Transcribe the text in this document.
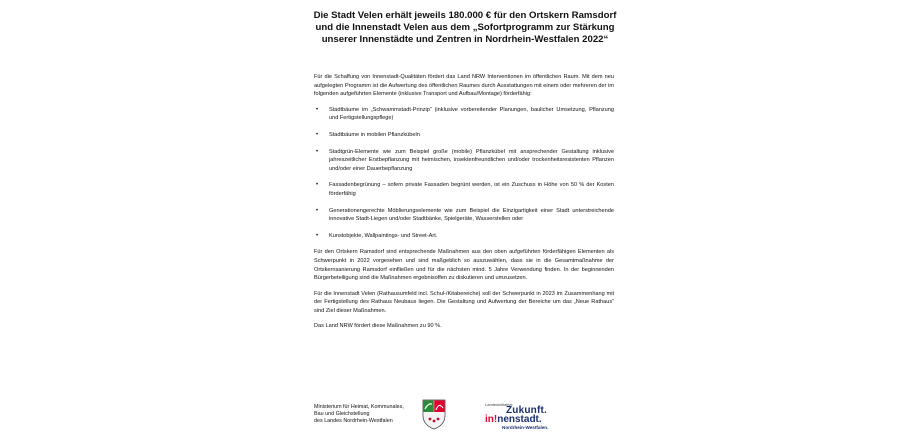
Die Stadt Velen erhält jeweils 180.000 € für den Ortskern Ramsdorf
und die Innenstadt Velen aus dem „Sofortprogramm zur Stärkung
unserer Innenstädte und Zentren in Nordrhein-Westfalen 2022“

Für die Schaffung von Innenstadt-Qualitäten fördert das Land NRW Interventionen im öffentlichen Raum. Mit dem neu aufgelegten Programm ist die Aufwertung des öffentlichen Raumes durch Ausstattungen mit einem oder mehreren der im folgenden aufgeführten Elemente (inklusive Transport und Aufbau/Montage) förderfähig:

• Stadtbäume im „Schwammstadt-Prinzip“ (inklusive vorbereitender Planungen, baulicher Umsetzung, Pflanzung und Fertigstellungspflege)
• Stadtbäume in mobilen Pflanzkübeln
• Stadtgrün-Elemente wie zum Beispiel große (mobile) Pflanzkübel mit ansprechender Gestaltung inklusive jahreszeitlicher Erstbepflanzung mit heimischen, insektenfreundlichen und/oder trockenheitsresistenten Pflanzen und/oder einer Dauerbepflanzung
• Fassadenbegrünung – sofern private Fassaden begrünt werden, ist ein Zuschuss in Höhe von 50 % der Kosten förderfähig
• Generationengerechte Möblierungselemente wie zum Beispiel die Einzigartigkeit einer Stadt unterstreichende innovative Stadt-Liegen und/oder Stadtbänke, Spielgeräte, Wasserstellen oder
• Kunstobjekte, Wallpaintings- und Street-Art.

Für den Ortskern Ramsdorf sind entsprechende Maßnahmen aus den oben aufgeführten förderfähigen Elementen als Schwerpunkt in 2022 vorgesehen und sind maßgeblich so auszuwählen, dass sie in die Gesamtmaßnahme der Ortskernsanierung Ramsdorf einfließen und für die nächsten mind. 5 Jahre Verwendung finden. In der beginnenden Bürgerbeteiligung sind die Maßnahmen ergebnisoffen zu diskutieren und umzusetzen.

Für die Innenstadt Velen (Rathausumfeld incl. Schul-/Kitabereiche) soll der Schwerpunkt in 2023 im Zusammenhang mit der Fertigstellung des Rathaus Neubaus liegen. Die Gestaltung und Aufwertung der Bereiche um das „Neue Rathaus“ sind Ziel dieser Maßnahmen.

Das Land NRW fördert diese Maßnahmen zu 90 %.

Ministerium für Heimat, Kommunales,
Bau und Gleichstellung
des Landes Nordrhein-Westfalen
Landesinitiative
Zukunft.
in!nenstadt.
Nordrhein-Westfalen.
